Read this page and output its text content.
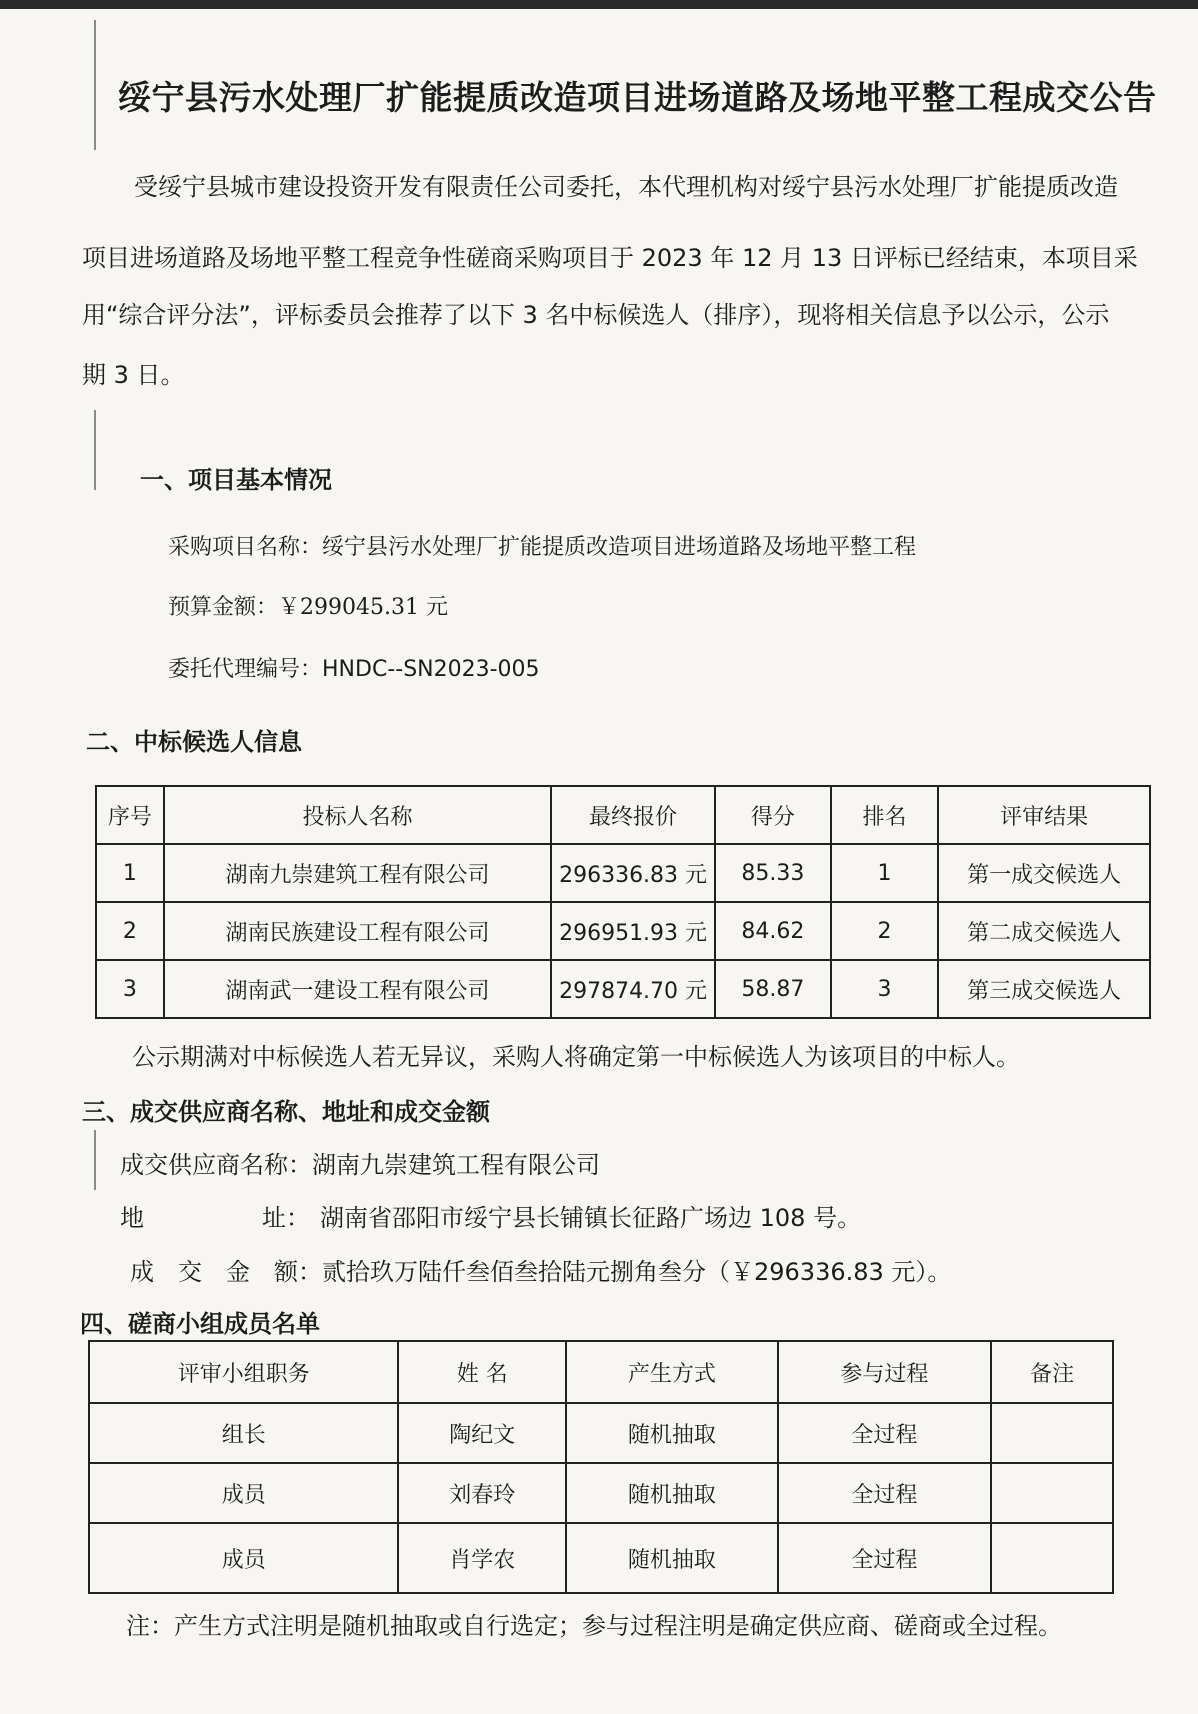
绥宁县污水处理厂扩能提质改造项目进场道路及场地平整工程成交公告
受绥宁县城市建设投资开发有限责任公司委托，本代理机构对绥宁县污水处理厂扩能提质改造
项目进场道路及场地平整工程竞争性磋商采购项目于 2023 年 12 月 13 日评标已经结束，本项目采
用“综合评分法”，评标委员会推荐了以下 3 名中标候选人（排序），现将相关信息予以公示，公示
期 3 日。
一、项目基本情况
采购项目名称：绥宁县污水处理厂扩能提质改造项目进场道路及场地平整工程
预算金额：￥299045.31 元
委托代理编号：HNDC--SN2023-005
二、中标候选人信息
序号	投标人名称	最终报价	得分	排名	评审结果
1	湖南九崇建筑工程有限公司	296336.83 元	85.33	1	第一成交候选人
2	湖南民族建设工程有限公司	296951.93 元	84.62	2	第二成交候选人
3	湖南武一建设工程有限公司	297874.70 元	58.87	3	第三成交候选人
公示期满对中标候选人若无异议，采购人将确定第一中标候选人为该项目的中标人。
三、成交供应商名称、地址和成交金额
成交供应商名称：湖南九崇建筑工程有限公司
地	址： 湖南省邵阳市绥宁县长铺镇长征路广场边 108 号。
成　交　金　额：贰拾玖万陆仟叁佰叁拾陆元捌角叁分（￥296336.83 元）。
四、磋商小组成员名单
评审小组职务	姓 名	产生方式	参与过程	备注
组长	陶纪文	随机抽取	全过程	
成员	刘春玲	随机抽取	全过程	
成员	肖学农	随机抽取	全过程	
注：产生方式注明是随机抽取或自行选定；参与过程注明是确定供应商、磋商或全过程。
